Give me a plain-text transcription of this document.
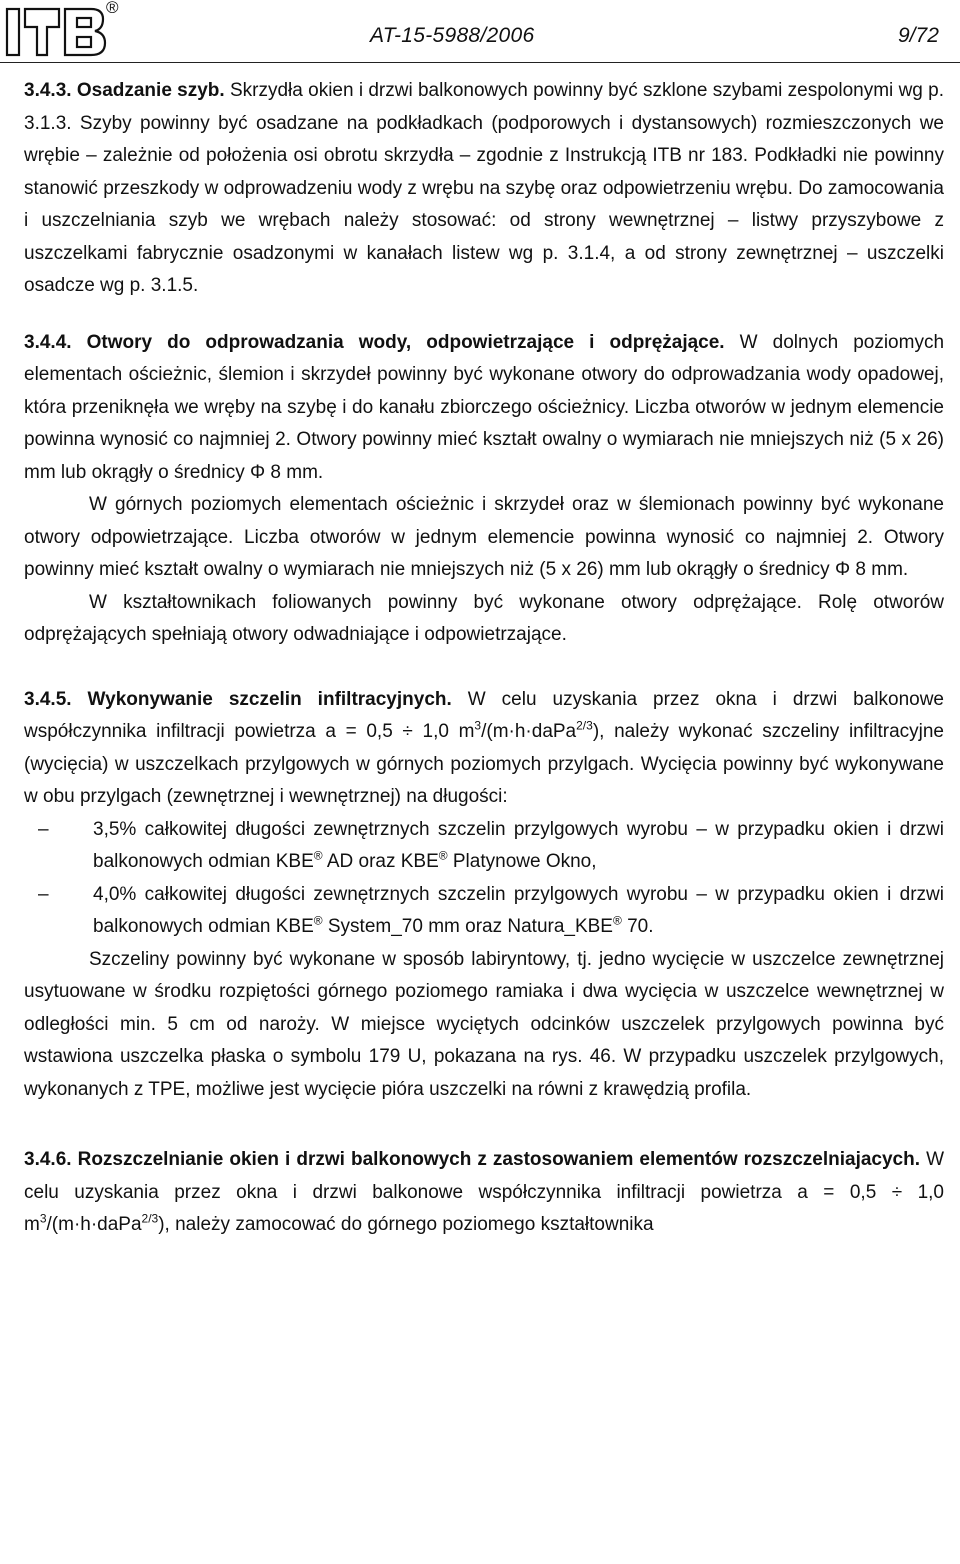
®
AT-15-5988/2006	9/72

3.4.3. Osadzanie szyb. Skrzydła okien i drzwi balkonowych powinny być szklone szybami zespolonymi wg p. 3.1.3. Szyby powinny być osadzane na podkładkach (podporowych i dystansowych) rozmieszczonych we wrębie – zależnie od położenia osi obrotu skrzydła – zgodnie z Instrukcją ITB nr 183. Podkładki nie powinny stanowić przeszkody w odprowadzeniu wody z wrębu na szybę oraz odpowietrzeniu wrębu. Do zamocowania i uszczelniania szyb we wrębach należy stosować: od strony wewnętrznej – listwy przyszybowe z uszczelkami fabrycznie osadzonymi w kanałach listew wg p. 3.1.4, a od strony zewnętrznej – uszczelki osadcze wg p. 3.1.5.

3.4.4. Otwory do odprowadzania wody, odpowietrzające i odprężające. W dolnych poziomych elementach ościeżnic, ślemion i skrzydeł powinny być wykonane otwory do odprowadzania wody opadowej, która przeniknęła we wręby na szybę i do kanału zbiorczego ościeżnicy. Liczba otworów w jednym elemencie powinna wynosić co najmniej 2. Otwory powinny mieć kształt owalny o wymiarach nie mniejszych niż (5 x 26) mm lub okrągły o średnicy Φ 8 mm.

W górnych poziomych elementach ościeżnic i skrzydeł oraz w ślemionach powinny być wykonane otwory odpowietrzające. Liczba otworów w jednym elemencie powinna wynosić co najmniej 2. Otwory powinny mieć kształt owalny o wymiarach nie mniejszych niż (5 x 26) mm lub okrągły o średnicy Φ 8 mm.

W kształtownikach foliowanych powinny być wykonane otwory odprężające. Rolę otworów odprężających spełniają otwory odwadniające i odpowietrzające.

3.4.5. Wykonywanie szczelin infiltracyjnych. W celu uzyskania przez okna i drzwi balkonowe współczynnika infiltracji powietrza a = 0,5 ÷ 1,0 $m^3/(m\cdot h\cdot daPa^{2/3})$, należy wykonać szczeliny infiltracyjne (wycięcia) w uszczelkach przylgowych w górnych poziomych przylgach. Wycięcia powinny być wykonywane w obu przylgach (zewnętrznej i wewnętrznej) na długości:

– 3,5% całkowitej długości zewnętrznych szczelin przylgowych wyrobu – w przypadku okien i drzwi balkonowych odmian KBE® AD oraz KBE® Platynowe Okno,
– 4,0% całkowitej długości zewnętrznych szczelin przylgowych wyrobu – w przypadku okien i drzwi balkonowych odmian KBE® System_70 mm oraz Natura_KBE® 70.

Szczeliny powinny być wykonane w sposób labiryntowy, tj. jedno wycięcie w uszczelce zewnętrznej usytuowane w środku rozpiętości górnego poziomego ramiaka i dwa wycięcia w uszczelce wewnętrznej w odległości min. 5 cm od naroży. W miejsce wyciętych odcinków uszczelek przylgowych powinna być wstawiona uszczelka płaska o symbolu 179 U, pokazana na rys. 46. W przypadku uszczelek przylgowych, wykonanych z TPE, możliwe jest wycięcie pióra uszczelki na równi z krawędzią profila.

3.4.6. Rozszczelnianie okien i drzwi balkonowych z zastosowaniem elementów rozszczelniajacych. W celu uzyskania przez okna i drzwi balkonowe współczynnika infiltracji powietrza a = 0,5 ÷ 1,0 $m^3/(m\cdot h\cdot daPa^{2/3})$, należy zamocować do górnego poziomego kształtownika
